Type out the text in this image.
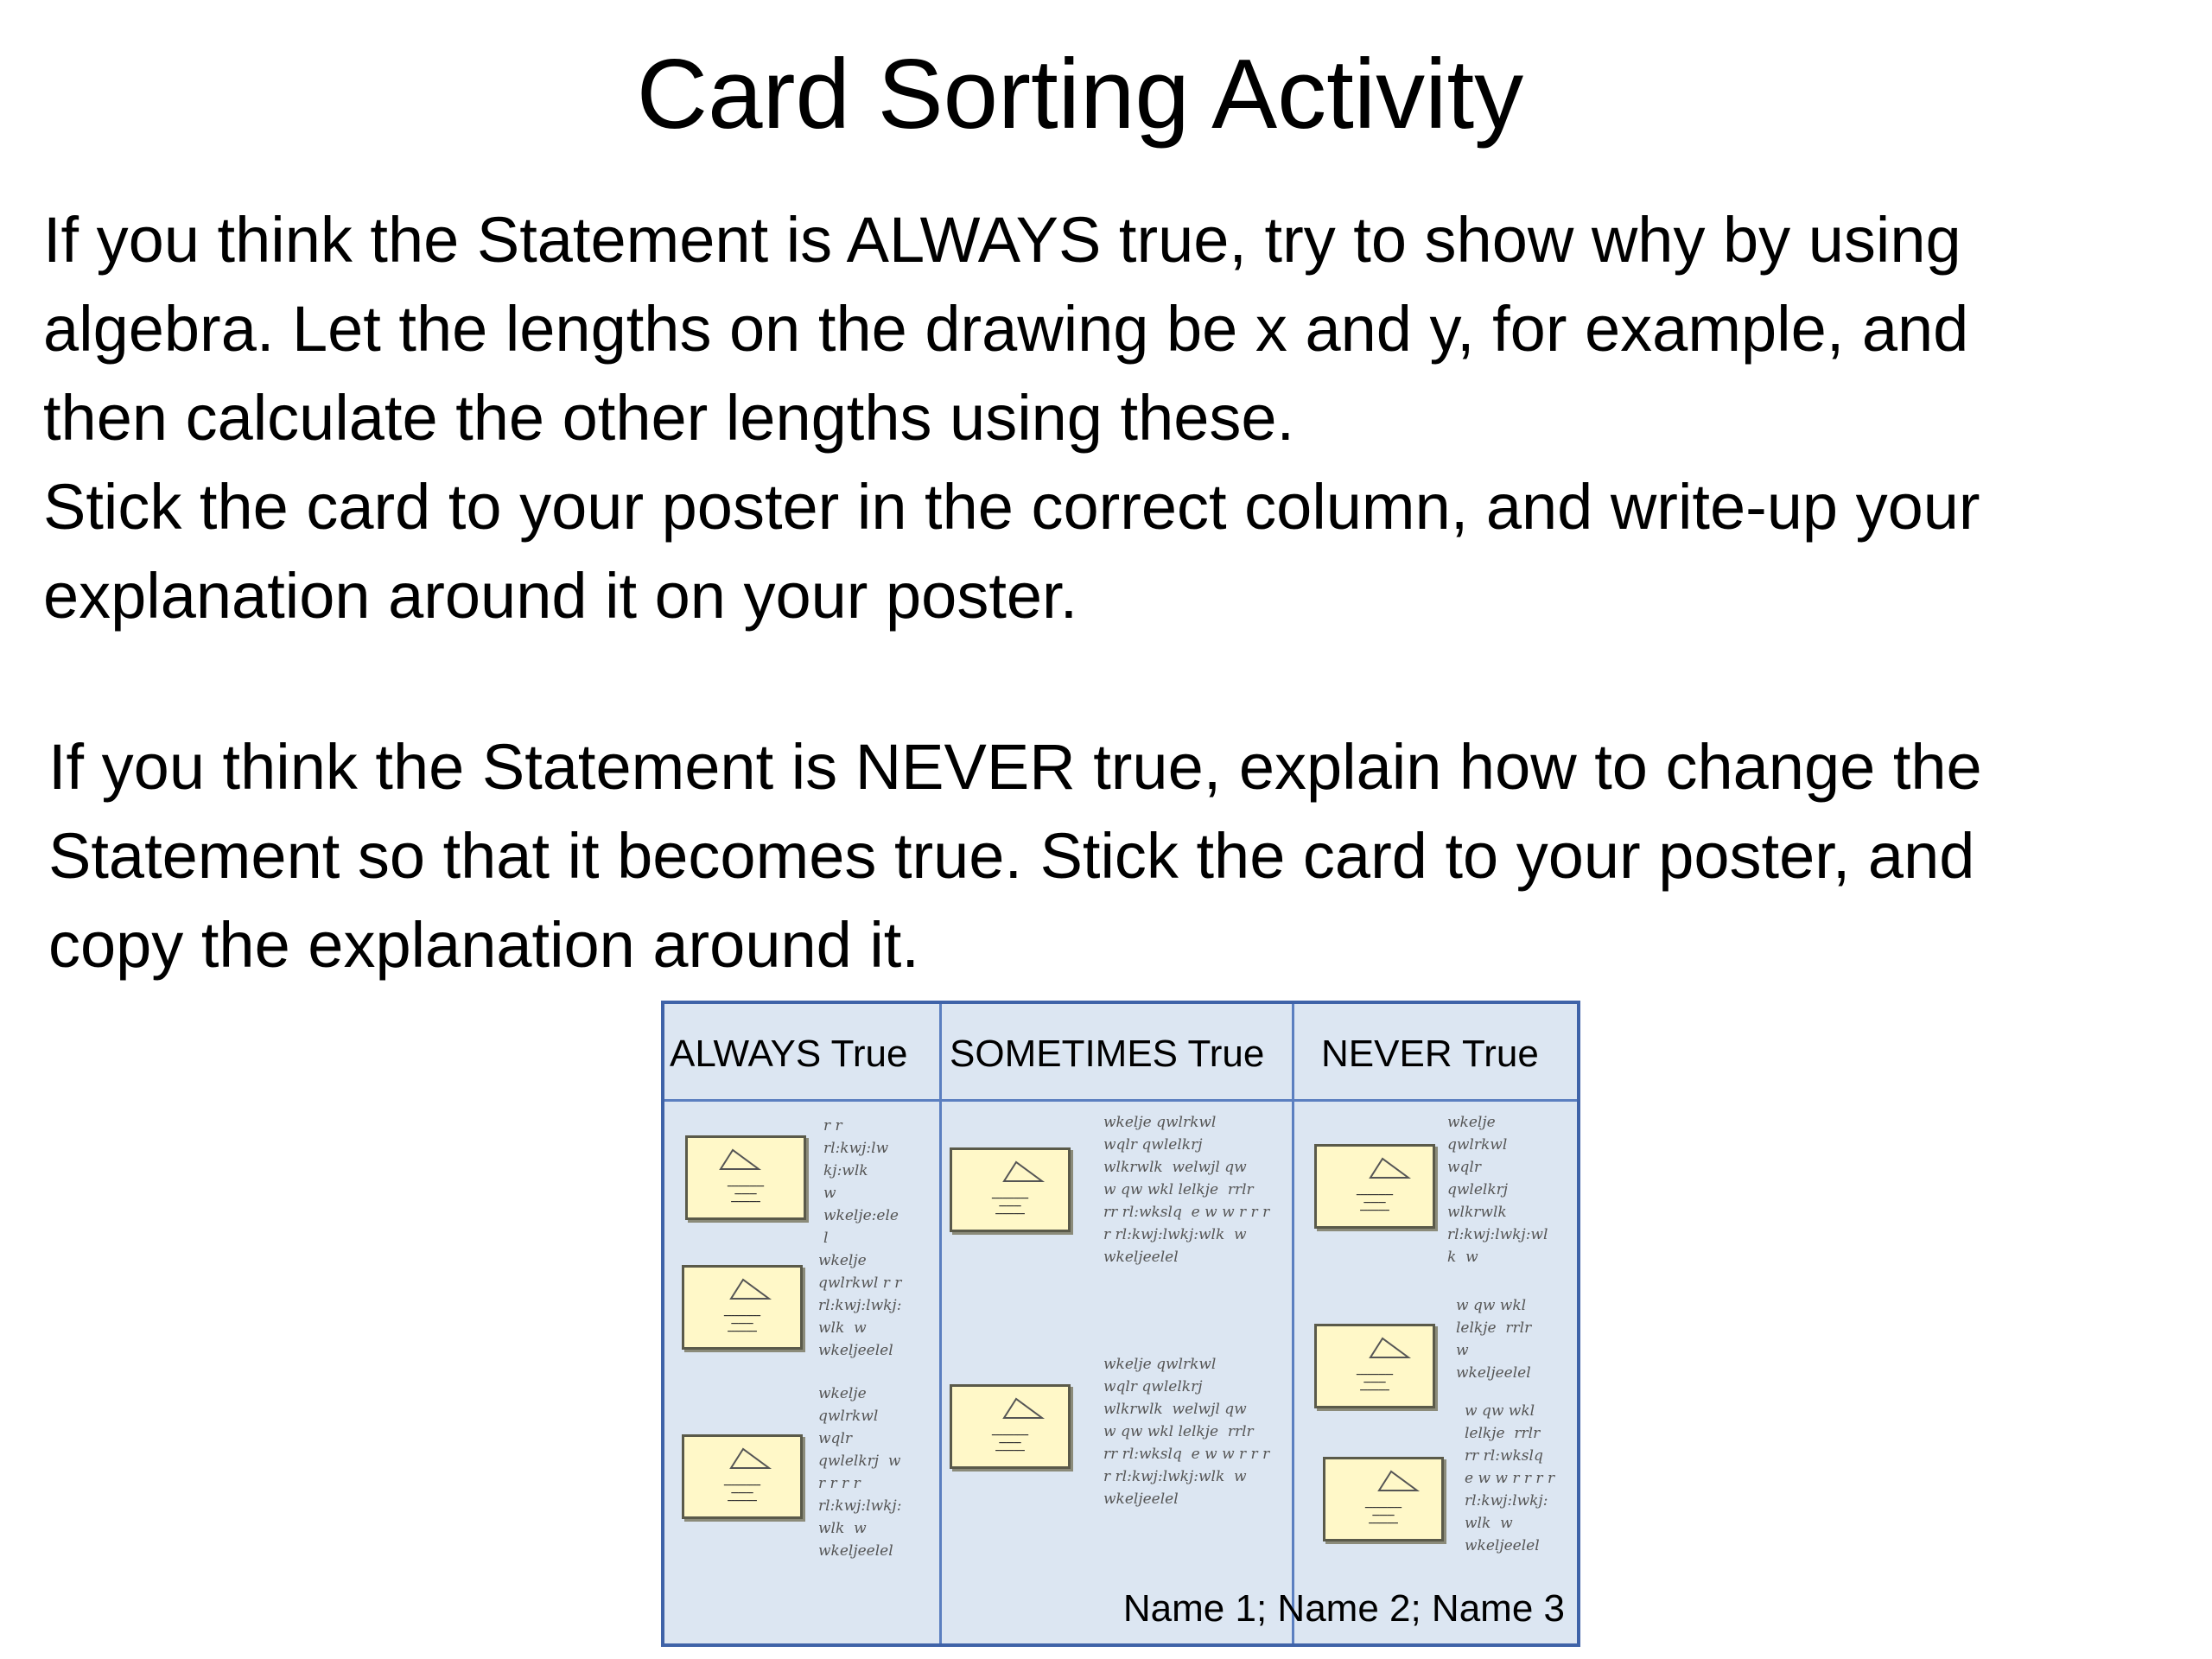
Card Sorting Activity
If you think the Statement is ALWAYS true, try to show why by using
algebra. Let the lengths on the drawing be x and y, for example, and
then calculate the other lengths using these.
Stick the card to your poster in the correct column, and write-up your
explanation around it on your poster.
If you think the Statement is NEVER true, explain how to change the
Statement so that it becomes true. Stick the card to your poster, and
copy the explanation around it.
ALWAYS True SOMETIMES True NEVER True
━━━━━━━━━━
━━━━━━
━━━━━━━━
r r
rl:kwj:lw
kj:wlk
w
wkelje:ele
l
━━━━━━━━━━
━━━━━━
━━━━━━━━
wkelje
qwlrkwl r r
rl:kwj:lwkj:
wlk  w
wkeljeelel
━━━━━━━━━━
━━━━━━
━━━━━━━━
wkelje
qwlrkwl
wqlr
qwlelkrj  w
r r r r
rl:kwj:lwkj:
wlk  w
wkeljeelel
━━━━━━━━━━
━━━━━━
━━━━━━━━
wkelje qwlrkwl
wqlr qwlelkrj
wlkrwlk  welwjl qw
w qw wkl lelkje  rrlr
rr rl:wkslq  e w w r r r
r rl:kwj:lwkj:wlk  w
wkeljeelel
━━━━━━━━━━
━━━━━━
━━━━━━━━
wkelje qwlrkwl
wqlr qwlelkrj
wlkrwlk  welwjl qw
w qw wkl lelkje  rrlr
rr rl:wkslq  e w w r r r
r rl:kwj:lwkj:wlk  w
wkeljeelel
━━━━━━━━━━
━━━━━━
━━━━━━━━
wkelje
qwlrkwl
wqlr
qwlelkrj
wlkrwlk
rl:kwj:lwkj:wl
k  w
━━━━━━━━━━
━━━━━━
━━━━━━━━
w qw wkl
lelkje  rrlr
w
wkeljeelel
━━━━━━━━━━
━━━━━━
━━━━━━━━
w qw wkl
lelkje  rrlr
rr rl:wkslq
e w w r r r r
rl:kwj:lwkj:
wlk  w
wkeljeelel
Name 1; Name 2; Name 3
